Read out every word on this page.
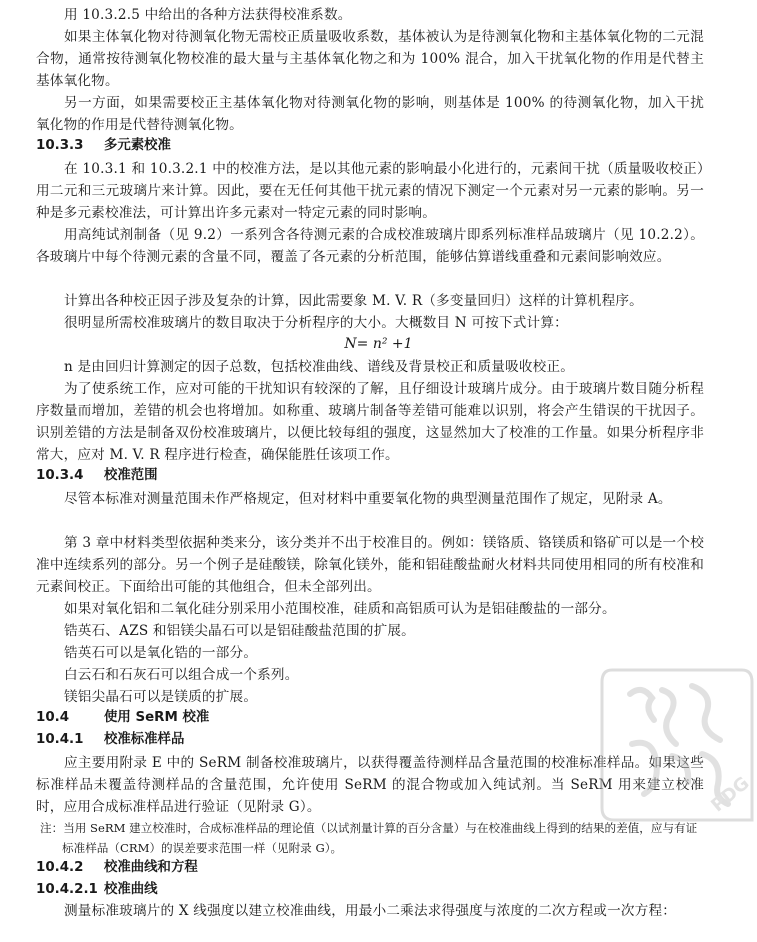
用 10.3.2.5 中给出的各种方法获得校准系数。

如果主体氧化物对待测氧化物无需校正质量吸收系数，基体被认为是待测氧化物和主基体氧化物的二元混合物，通常按待测氧化物校准的最大量与主基体氧化物之和为 100% 混合，加入干扰氧化物的作用是代替主基体氧化物。

另一方面，如果需要校正主基体氧化物对待测氧化物的影响，则基体是 100% 的待测氧化物，加入干扰氧化物的作用是代替待测氧化物。

10.3.3 多元素校准

在 10.3.1 和 10.3.2.1 中的校准方法，是以其他元素的影响最小化进行的，元素间干扰（质量吸收校正）用二元和三元玻璃片来计算。因此，要在无任何其他干扰元素的情况下测定一个元素对另一元素的影响。另一种是多元素校准法，可计算出许多元素对一特定元素的同时影响。

用高纯试剂制备（见 9.2）一系列含各待测元素的合成校准玻璃片即系列标准样品玻璃片（见 10.2.2）。各玻璃片中每个待测元素的含量不同，覆盖了各元素的分析范围，能够估算谱线重叠和元素间影响效应。

计算出各种校正因子涉及复杂的计算，因此需要象 M. V. R（多变量回归）这样的计算机程序。

很明显所需校准玻璃片的数目取决于分析程序的大小。大概数目 N 可按下式计算：

N= n² +1

n 是由回归计算测定的因子总数，包括校准曲线、谱线及背景校正和质量吸收校正。

为了使系统工作，应对可能的干扰知识有较深的了解，且仔细设计玻璃片成分。由于玻璃片数目随分析程序数量而增加，差错的机会也将增加。如称重、玻璃片制备等差错可能难以识别，将会产生错误的干扰因子。识别差错的方法是制备双份校准玻璃片，以便比较每组的强度，这显然加大了校准的工作量。如果分析程序非常大，应对 M. V. R 程序进行检查，确保能胜任该项工作。

10.3.4 校准范围

尽管本标准对测量范围未作严格规定，但对材料中重要氧化物的典型测量范围作了规定，见附录 A。

第 3 章中材料类型依据种类来分，该分类并不出于校准目的。例如：镁铬质、铬镁质和铬矿可以是一个校准中连续系列的部分。另一个例子是硅酸镁，除氧化镁外，能和铝硅酸盐耐火材料共同使用相同的所有校准和元素间校正。下面给出可能的其他组合，但未全部列出。

如果对氧化铝和二氧化硅分别采用小范围校准，硅质和高铝质可认为是铝硅酸盐的一部分。

锆英石、AZS 和铝镁尖晶石可以是铝硅酸盐范围的扩展。

锆英石可以是氧化锆的一部分。

白云石和石灰石可以组合成一个系列。

镁铝尖晶石可以是镁质的扩展。

10.4	使用 SeRM 校准
10.4.1 校准标准样品

应主要用附录 E 中的 SeRM 制备校准玻璃片，以获得覆盖待测样品含量范围的校准标准样品。如果这些标准样品未覆盖待测样品的含量范围，允许使用 SeRM 的混合物或加入纯试剂。当 SeRM 用来建立校准时，应用合成标准样品进行验证（见附录 G）。

注：当用 SeRM 建立校准时，合成标准样品的理论值（以试剂量计算的百分含量）与在校准曲线上得到的结果的差值，应与有证标准样品（CRM）的误差要求范围一样（见附录 G）。

10.4.2 校准曲线和方程
10.4.2.1 校准曲线

测量标准玻璃片的 X 线强度以建立校准曲线，用最小二乘法求得强度与浓度的二次方程或一次方程：

PDG
